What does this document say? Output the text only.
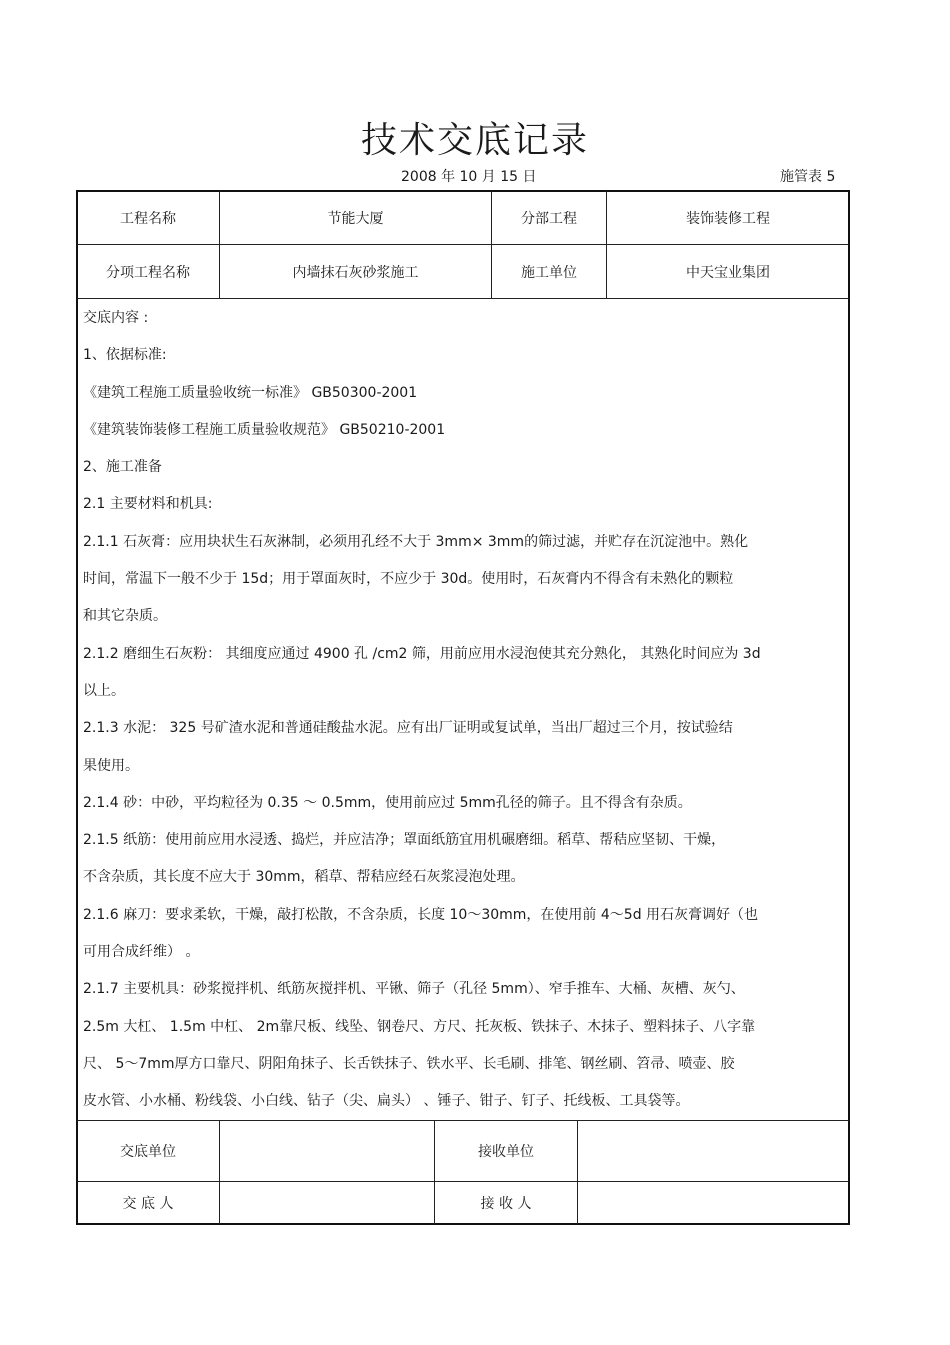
技术交底记录
2008 年 10 月 15 日	施管表 5
工程名称	节能大厦	分部工程	装饰装修工程
分项工程名称	内墙抹石灰砂浆施工	施工单位	中天宝业集团

交底内容 :

1、依据标准:

《建筑工程施工质量验收统一标准》 GB50300-2001

《建筑装饰装修工程施工质量验收规范》 GB50210-2001

2、施工准备

2.1 主要材料和机具:

2.1.1 石灰膏：应用块状生石灰淋制，必须用孔经不大于 3mm× 3mm的筛过滤，并贮存在沉淀池中。熟化

时间，常温下一般不少于 15d；用于罩面灰时，不应少于 30d。使用时，石灰膏内不得含有未熟化的颗粒

和其它杂质。

2.1.2 磨细生石灰粉： 其细度应通过 4900 孔 /cm2 筛，用前应用水浸泡使其充分熟化， 其熟化时间应为 3d

以上。

2.1.3 水泥： 325 号矿渣水泥和普通硅酸盐水泥。应有出厂证明或复试单，当出厂超过三个月，按试验结

果使用。

2.1.4 砂：中砂，平均粒径为 0.35 ～ 0.5mm，使用前应过 5mm孔径的筛子。且不得含有杂质。

2.1.5 纸筋：使用前应用水浸透、捣烂，并应洁净；罩面纸筋宜用机碾磨细。稻草、帮秸应坚韧、干燥，

不含杂质，其长度不应大于 30mm，稻草、帮秸应经石灰浆浸泡处理。

2.1.6 麻刀：要求柔软，干燥，敲打松散，不含杂质，长度 10～30mm，在使用前 4～5d 用石灰膏调好（也

可用合成纤维） 。

2.1.7 主要机具：砂浆搅拌机、纸筋灰搅拌机、平锹、筛子（孔径 5mm）、窄手推车、大桶、灰槽、灰勺、

2.5m 大杠、 1.5m 中杠、 2m靠尺板、线坠、钢卷尺、方尺、托灰板、铁抹子、木抹子、塑料抹子、八字靠

尺、 5～7mm厚方口靠尺、阴阳角抹子、长舌铁抹子、铁水平、长毛刷、排笔、钢丝刷、笤帚、喷壶、胶

皮水管、小水桶、粉线袋、小白线、钻子（尖、扁头） 、锤子、钳子、钉子、托线板、工具袋等。

交底单位	接收单位
交 底 人	接 收 人
